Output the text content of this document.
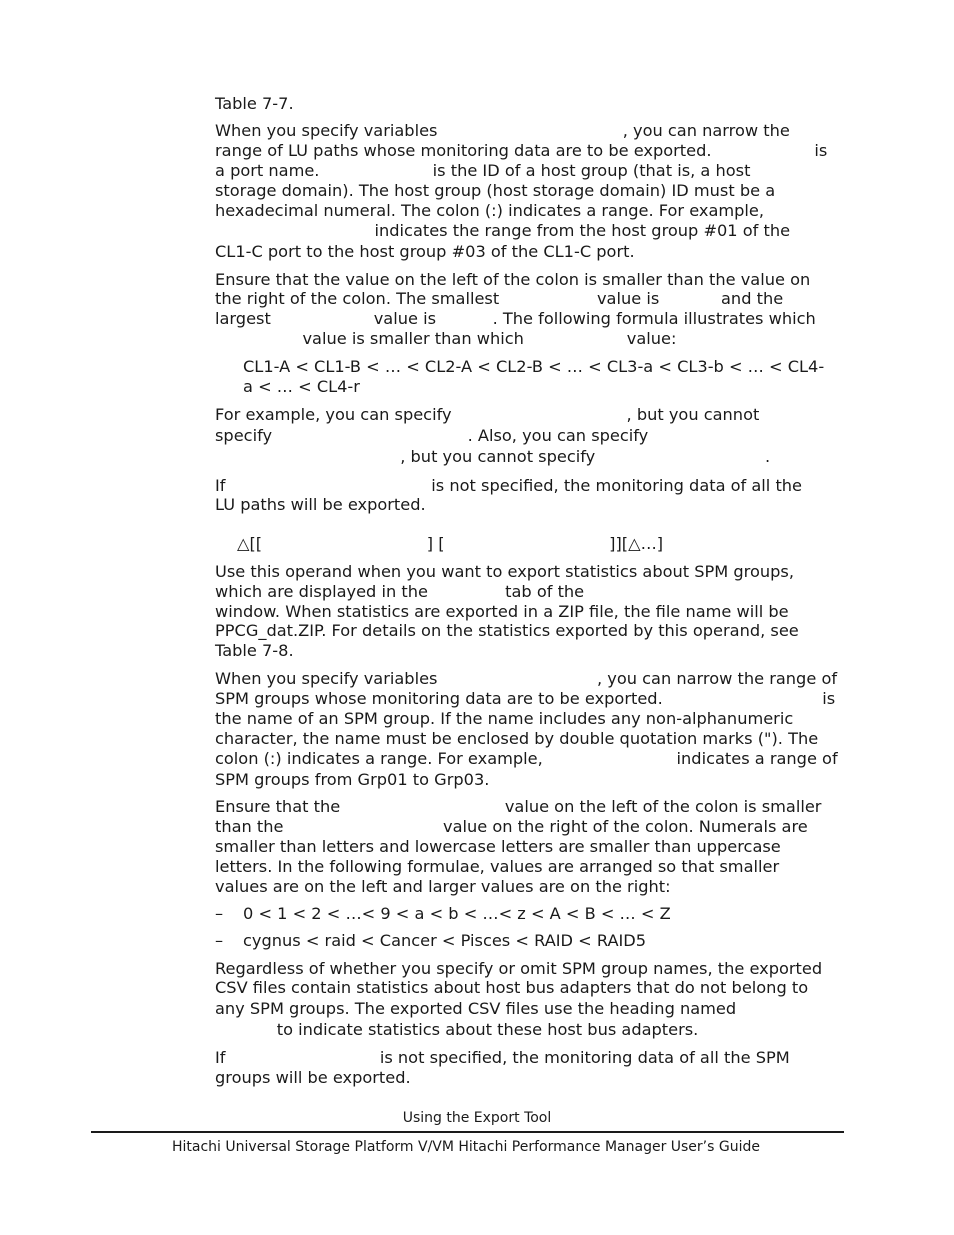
Table 7-7.
When you specify variables                                    , you can narrow the
range of LU paths whose monitoring data are to be exported.                    is
a port name.                      is the ID of a host group (that is, a host
storage domain). The host group (host storage domain) ID must be a
hexadecimal numeral. The colon (:) indicates a range. For example,
indicates the range from the host group #01 of the
CL1-C port to the host group #03 of the CL1-C port.
Ensure that the value on the left of the colon is smaller than the value on
the right of the colon. The smallest                   value is            and the
largest                    value is           . The following formula illustrates which
value is smaller than which                    value:
CL1-A < CL1-B < … < CL2-A < CL2-B < … < CL3-a < CL3-b < … < CL4-
a < … < CL4-r
For example, you can specify                                  , but you cannot
specify                                      . Also, you can specify
, but you cannot specify                                 .
If                                        is not specified, the monitoring data of all the
LU paths will be exported.
△[[                                ] [                                ]][△…]
Use this operand when you want to export statistics about SPM groups,
which are displayed in the               tab of the
window. When statistics are exported in a ZIP file, the file name will be
PPCG_dat.ZIP. For details on the statistics exported by this operand, see
Table 7-8.
When you specify variables                               , you can narrow the range of
SPM groups whose monitoring data are to be exported.                               is
the name of an SPM group. If the name includes any non-alphanumeric
character, the name must be enclosed by double quotation marks ("). The
colon (:) indicates a range. For example,                          indicates a range of
SPM groups from Grp01 to Grp03.
Ensure that the                                value on the left of the colon is smaller
than the                               value on the right of the colon. Numerals are
smaller than letters and lowercase letters are smaller than uppercase
letters. In the following formulae, values are arranged so that smaller
values are on the left and larger values are on the right:
– 0 < 1 < 2 < …< 9 < a < b < …< z < A < B < … < Z
– cygnus < raid < Cancer < Pisces < RAID < RAID5
Regardless of whether you specify or omit SPM group names, the exported
CSV files contain statistics about host bus adapters that do not belong to
any SPM groups. The exported CSV files use the heading named
to indicate statistics about these host bus adapters.
If                              is not specified, the monitoring data of all the SPM
groups will be exported.
Using the Export Tool
Hitachi Universal Storage Platform V/VM Hitachi Performance Manager User’s Guide
